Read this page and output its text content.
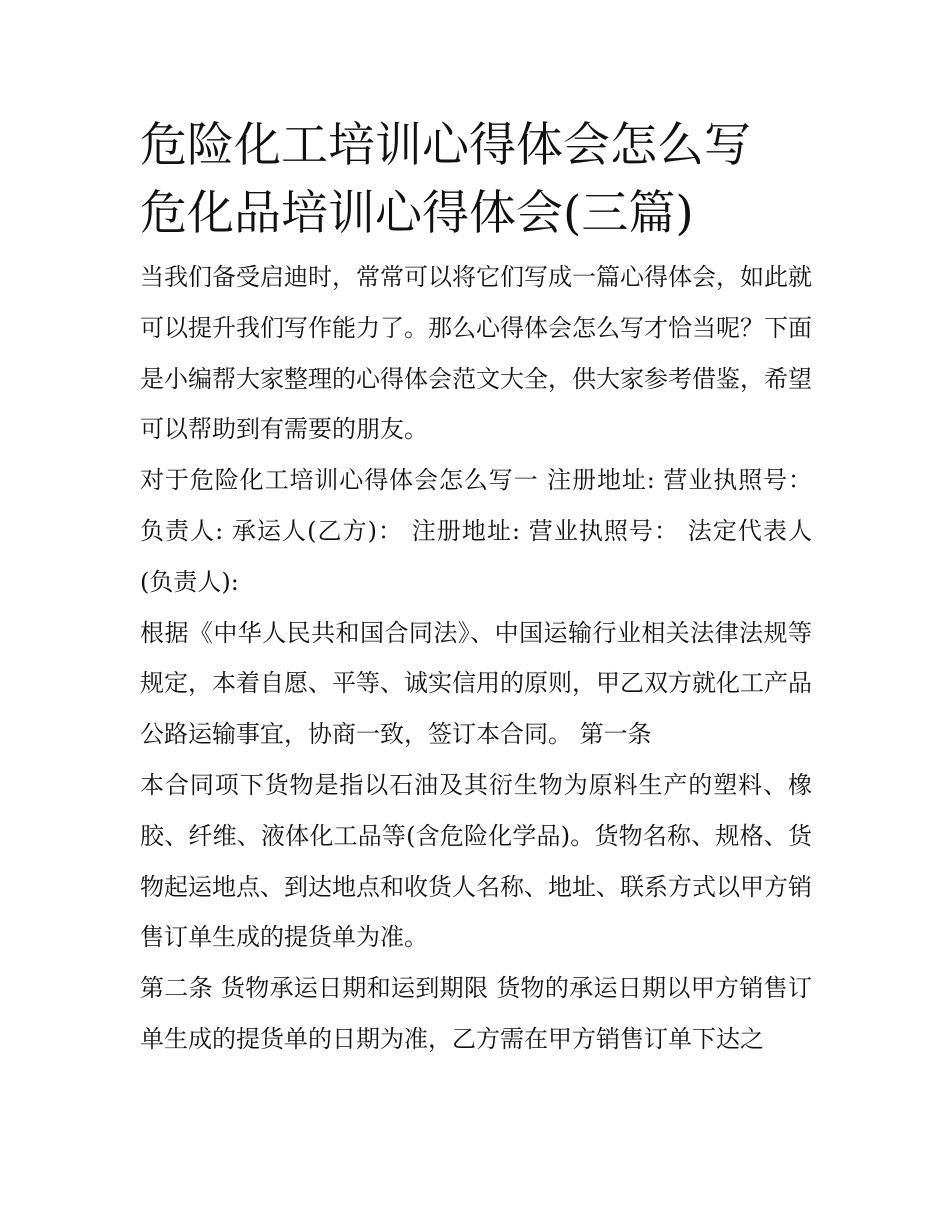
危险化工培训心得体会怎么写
危化品培训心得体会(三篇)

当我们备受启迪时，常常可以将它们写成一篇心得体会，如此就可以提升我们写作能力了。那么心得体会怎么写才恰当呢？下面是小编帮大家整理的心得体会范文大全，供大家参考借鉴，希望可以帮助到有需要的朋友。

对于危险化工培训心得体会怎么写一 注册地址: 营业执照号： 负责人: 承运人(乙方)： 注册地址: 营业执照号： 法定代表人(负责人):

根据《中华人民共和国合同法》、中国运输行业相关法律法规等规定，本着自愿、平等、诚实信用的原则，甲乙双方就化工产品公路运输事宜，协商一致，签订本合同。 第一条

本合同项下货物是指以石油及其衍生物为原料生产的塑料、橡胶、纤维、液体化工品等(含危险化学品)。货物名称、规格、货物起运地点、到达地点和收货人名称、地址、联系方式以甲方销售订单生成的提货单为准。

第二条 货物承运日期和运到期限 货物的承运日期以甲方销售订单生成的提货单的日期为准，乙方需在甲方销售订单下达之
